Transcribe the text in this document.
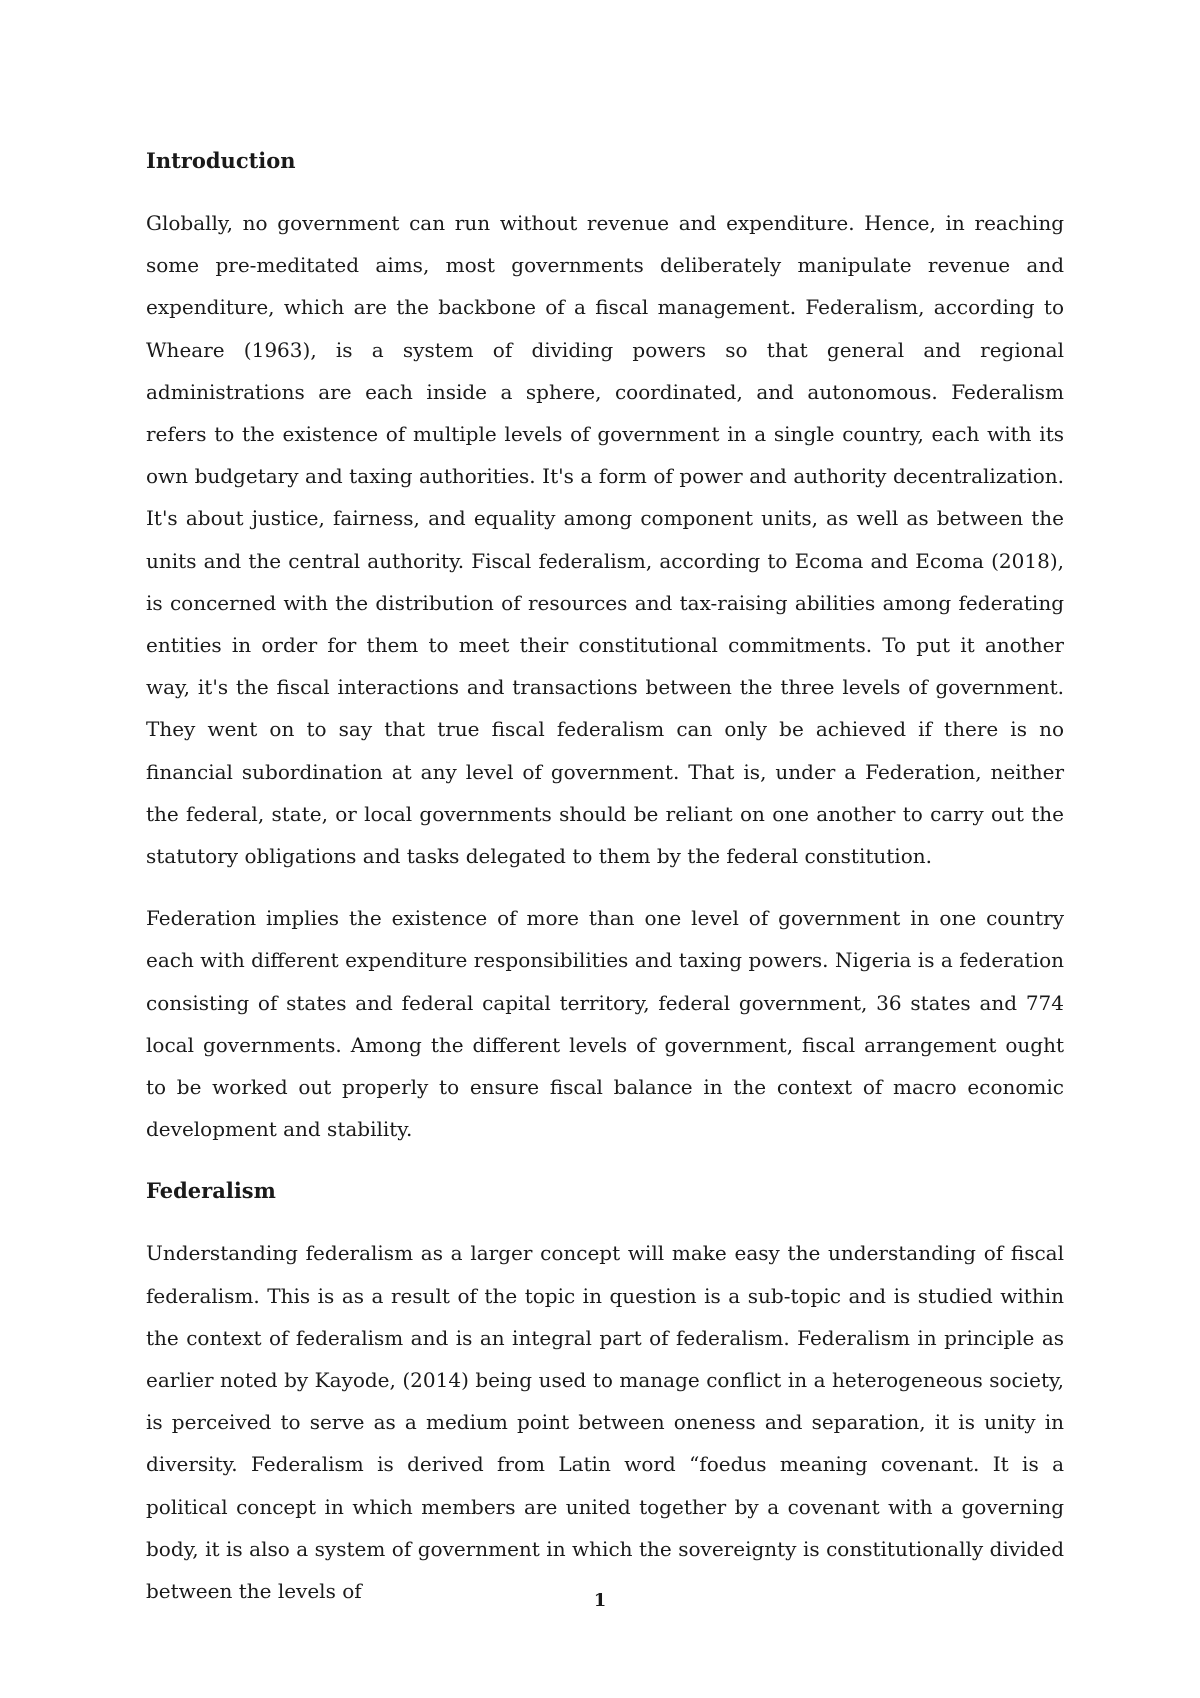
Introduction

Globally, no government can run without revenue and expenditure. Hence, in reaching some pre-meditated aims, most governments deliberately manipulate revenue and expenditure, which are the backbone of a fiscal management. Federalism, according to Wheare (1963), is a system of dividing powers so that general and regional administrations are each inside a sphere, coordinated, and autonomous. Federalism refers to the existence of multiple levels of government in a single country, each with its own budgetary and taxing authorities. It's a form of power and authority decentralization. It's about justice, fairness, and equality among component units, as well as between the units and the central authority. Fiscal federalism, according to Ecoma and Ecoma (2018), is concerned with the distribution of resources and tax-raising abilities among federating entities in order for them to meet their constitutional commitments. To put it another way, it's the fiscal interactions and transactions between the three levels of government. They went on to say that true fiscal federalism can only be achieved if there is no financial subordination at any level of government. That is, under a Federation, neither the federal, state, or local governments should be reliant on one another to carry out the statutory obligations and tasks delegated to them by the federal constitution.

Federation implies the existence of more than one level of government in one country each with different expenditure responsibilities and taxing powers. Nigeria is a federation consisting of states and federal capital territory, federal government, 36 states and 774 local governments. Among the different levels of government, fiscal arrangement ought to be worked out properly to ensure fiscal balance in the context of macro economic development and stability.

Federalism

Understanding federalism as a larger concept will make easy the understanding of fiscal federalism. This is as a result of the topic in question is a sub-topic and is studied within the context of federalism and is an integral part of federalism. Federalism in principle as earlier noted by Kayode, (2014) being used to manage conflict in a heterogeneous society, is perceived to serve as a medium point between oneness and separation, it is unity in diversity. Federalism is derived from Latin word “foedus meaning covenant. It is a political concept in which members are united together by a covenant with a governing body, it is also a system of government in which the sovereignty is constitutionally divided between the levels of	1
